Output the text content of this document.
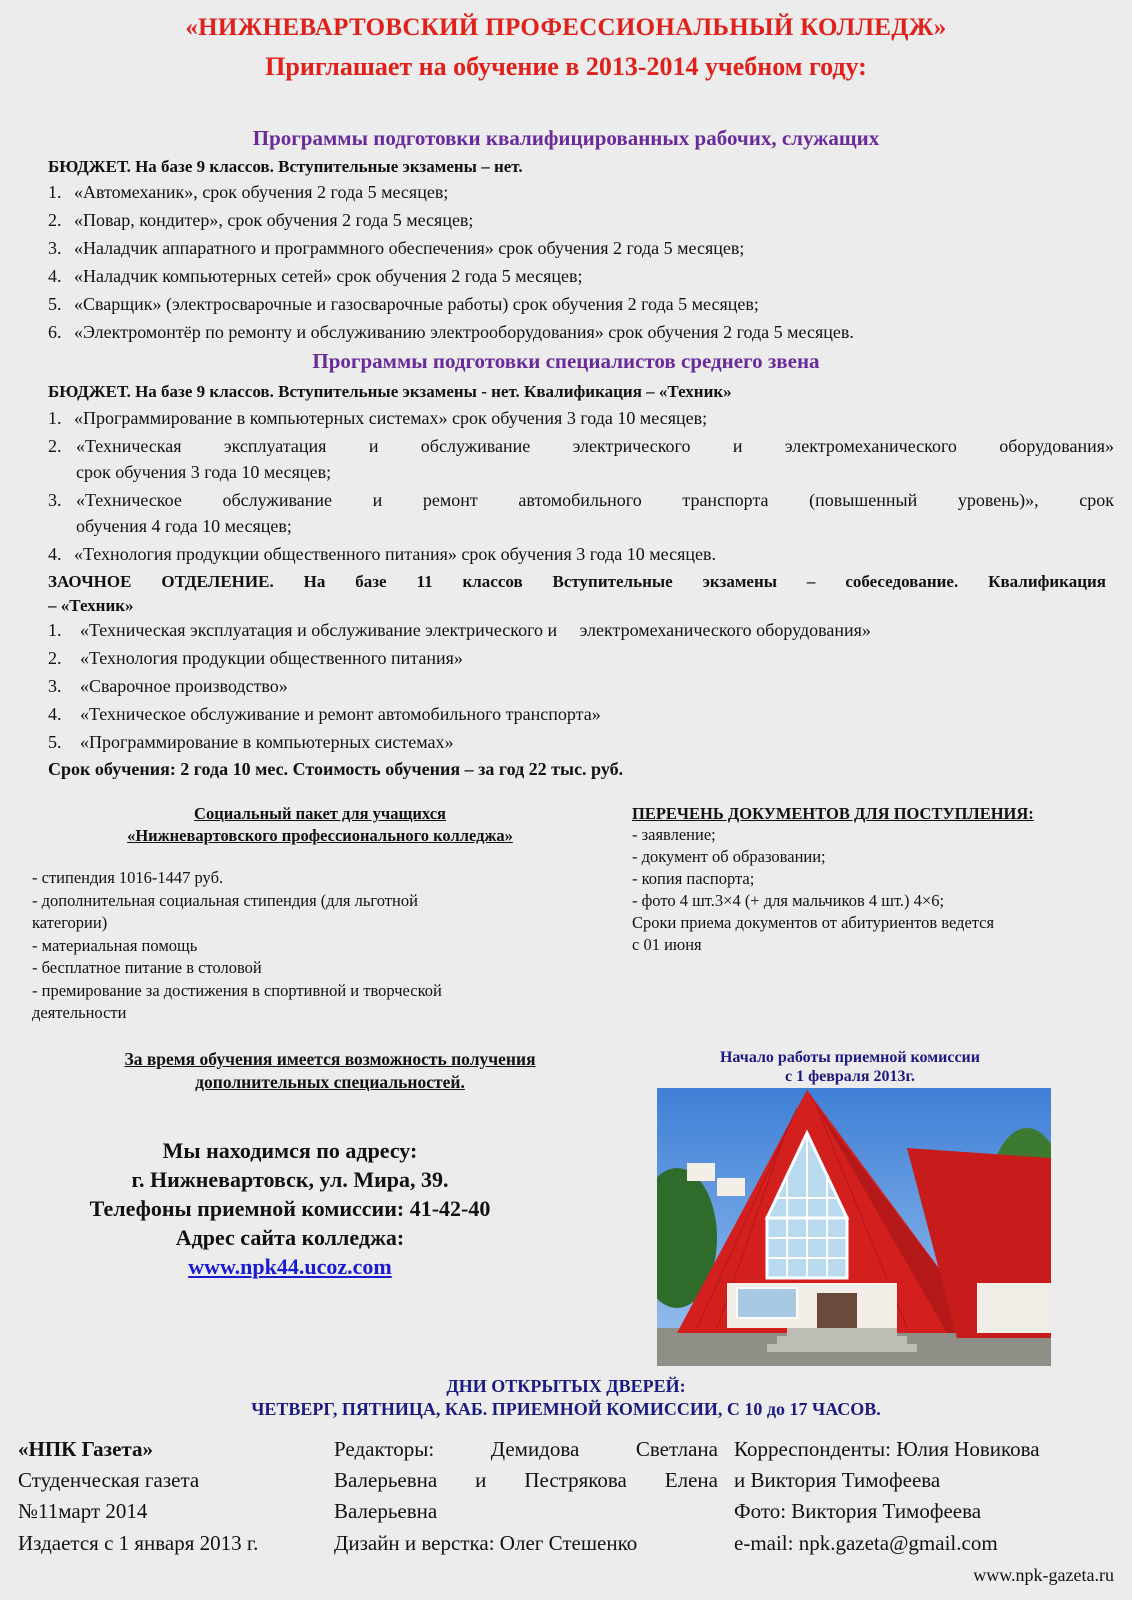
«НИЖНЕВАРТОВСКИЙ ПРОФЕССИОНАЛЬНЫЙ КОЛЛЕДЖ»
Приглашает на обучение в 2013-2014 учебном году:
Программы подготовки квалифицированных рабочих, служащих
БЮДЖЕТ. На базе 9 классов. Вступительные экзамены – нет.
1. «Автомеханик», срок обучения 2 года 5 месяцев;
2. «Повар, кондитер», срок обучения 2 года 5 месяцев;
3. «Наладчик аппаратного и программного обеспечения» срок обучения 2 года 5 месяцев;
4. «Наладчик компьютерных сетей» срок обучения 2 года 5 месяцев;
5. «Сварщик» (электросварочные и газосварочные работы) срок обучения 2 года 5 месяцев;
6. «Электромонтёр по ремонту и обслуживанию электрооборудования» срок обучения 2 года 5 месяцев.
Программы подготовки специалистов среднего звена
БЮДЖЕТ. На базе 9 классов. Вступительные экзамены - нет. Квалификация – «Техник»
1. «Программирование в компьютерных системах» срок обучения 3 года 10 месяцев;
2. «Техническая эксплуатация и обслуживание электрического и электромеханического оборудования»
срок обучения 3 года 10 месяцев;
3. «Техническое обслуживание и ремонт автомобильного транспорта (повышенный уровень)», срок
обучения 4 года 10 месяцев;
4. «Технология продукции общественного питания» срок обучения 3 года 10 месяцев.
ЗАОЧНОЕ ОТДЕЛЕНИЕ. На базе 11 классов Вступительные экзамены – собеседование. Квалификация
– «Техник»
1. «Техническая эксплуатация и обслуживание электрического и     электромеханического оборудования»
2. «Технология продукции общественного питания»
3. «Сварочное производство»
4. «Техническое обслуживание и ремонт автомобильного транспорта»
5. «Программирование в компьютерных системах»
Срок обучения: 2 года 10 мес. Стоимость обучения – за год 22 тыс. руб.
Социальный пакет для учащихся
«Нижневартовского профессионального колледжа»
- стипендия 1016-1447 руб.
- дополнительная социальная стипендия (для льготной
категории)
- материальная помощь
- бесплатное питание в столовой
- премирование за достижения в спортивной и творческой
деятельности
ПЕРЕЧЕНЬ ДОКУМЕНТОВ ДЛЯ ПОСТУПЛЕНИЯ:
- заявление;
- документ об образовании;
- копия паспорта;
- фото 4 шт.3×4 (+ для мальчиков 4 шт.) 4×6;
Сроки приема документов от абитуриентов ведется
с 01 июня
За время обучения имеется возможность получения
дополнительных специальностей.
Мы находимся по адресу:
г. Нижневартовск, ул. Мира, 39.
Телефоны приемной комиссии: 41-42-40
Адрес сайта колледжа:
www.npk44.ucoz.com
Начало работы приемной комиссии
с 1 февраля 2013г.
ДНИ ОТКРЫТЫХ ДВЕРЕЙ:
ЧЕТВЕРГ, ПЯТНИЦА, КАБ. ПРИЕМНОЙ КОМИССИИ, С 10 до 17 ЧАСОВ.
«НПК Газета»
Студенческая газета
№11март 2014
Издается с 1 января 2013 г.
Редакторы: Демидова Светлана
Валерьевна и Пестрякова Елена
Валерьевна
Дизайн и верстка: Олег Стешенко
Корреспонденты: Юлия Новикова
и Виктория Тимофеева
Фото: Виктория Тимофеева
e-mail: npk.gazeta@gmail.com
www.npk-gazeta.ru
